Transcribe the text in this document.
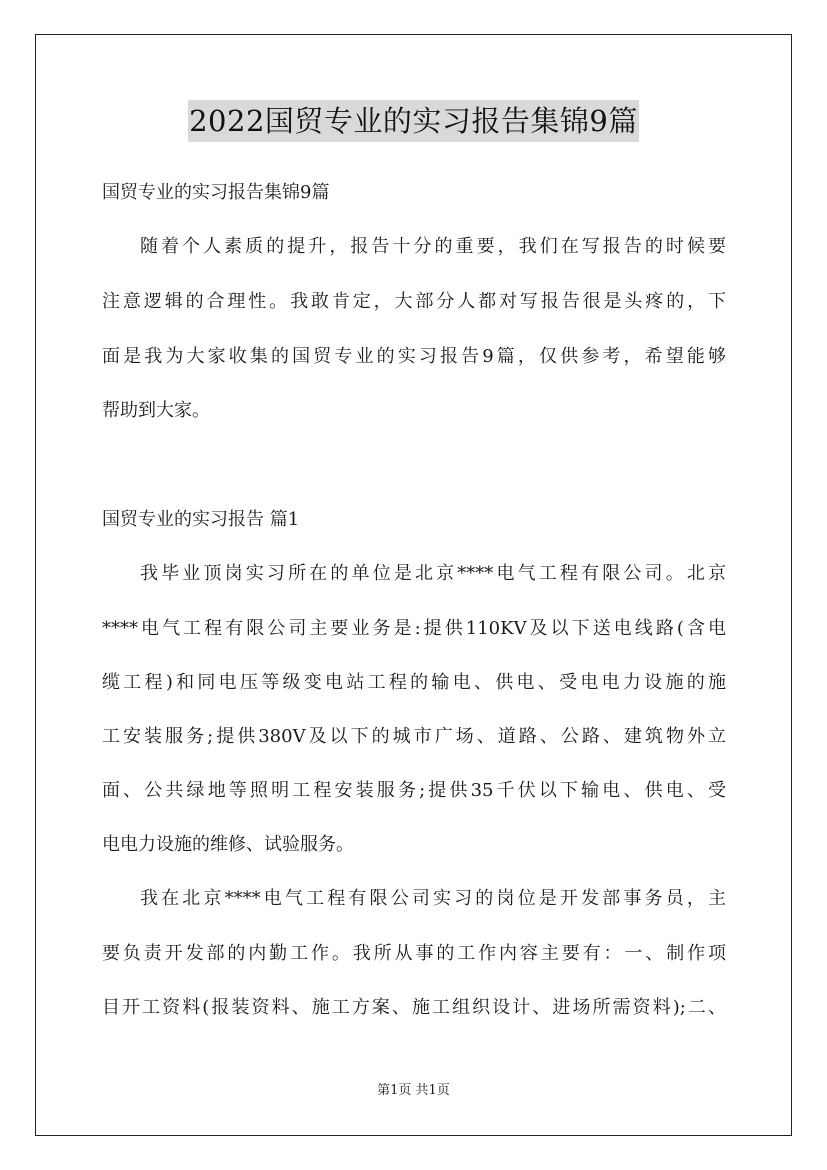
2022国贸专业的实习报告集锦9篇
国贸专业的实习报告集锦9篇
随着个人素质的提升，报告十分的重要，我们在写报告的时候要
注意逻辑的合理性。我敢肯定，大部分人都对写报告很是头疼的，下
面是我为大家收集的国贸专业的实习报告9篇，仅供参考，希望能够
帮助到大家。
国贸专业的实习报告 篇1
我毕业顶岗实习所在的单位是北京****电气工程有限公司。北京
****电气工程有限公司主要业务是:提供110KV及以下送电线路(含电
缆工程)和同电压等级变电站工程的输电、供电、受电电力设施的施
工安装服务;提供380V及以下的城市广场、道路、公路、建筑物外立
面、公共绿地等照明工程安装服务;提供35千伏以下输电、供电、受
电电力设施的维修、试验服务。
我在北京****电气工程有限公司实习的岗位是开发部事务员，主
要负责开发部的内勤工作。我所从事的工作内容主要有：一、制作项
目开工资料(报装资料、施工方案、施工组织设计、进场所需资料);二、
第1页 共1页
